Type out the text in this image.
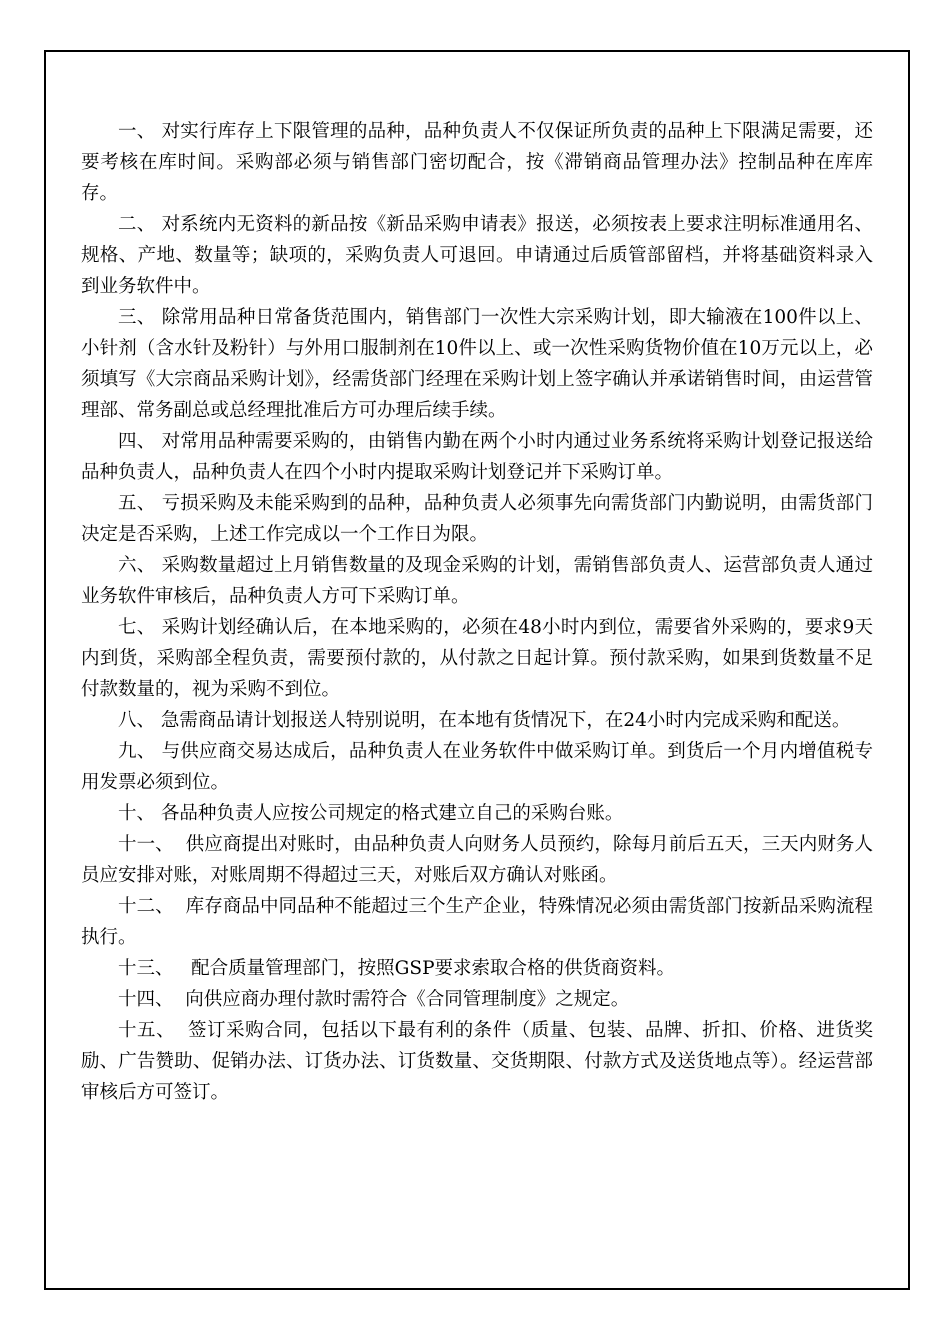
一、 对实行库存上下限管理的品种，品种负责人不仅保证所负责的品种上下限满足需要，还要考核在库时间。采购部必须与销售部门密切配合，按《滞销商品管理办法》控制品种在库库存。

二、 对系统内无资料的新品按《新品采购申请表》报送，必须按表上要求注明标准通用名、规格、产地、数量等；缺项的，采购负责人可退回。申请通过后质管部留档，并将基础资料录入到业务软件中。

三、 除常用品种日常备货范围内，销售部门一次性大宗采购计划，即大输液在100件以上、小针剂（含水针及粉针）与外用口服制剂在10件以上、或一次性采购货物价值在10万元以上，必须填写《大宗商品采购计划》，经需货部门经理在采购计划上签字确认并承诺销售时间，由运营管理部、常务副总或总经理批准后方可办理后续手续。

四、 对常用品种需要采购的，由销售内勤在两个小时内通过业务系统将采购计划登记报送给品种负责人，品种负责人在四个小时内提取采购计划登记并下采购订单。

五、 亏损采购及未能采购到的品种，品种负责人必须事先向需货部门内勤说明，由需货部门决定是否采购，上述工作完成以一个工作日为限。

六、 采购数量超过上月销售数量的及现金采购的计划，需销售部负责人、运营部负责人通过业务软件审核后，品种负责人方可下采购订单。

七、 采购计划经确认后，在本地采购的，必须在48小时内到位，需要省外采购的，要求9天内到货，采购部全程负责，需要预付款的，从付款之日起计算。预付款采购，如果到货数量不足付款数量的，视为采购不到位。

八、 急需商品请计划报送人特别说明，在本地有货情况下，在24小时内完成采购和配送。

九、 与供应商交易达成后，品种负责人在业务软件中做采购订单。到货后一个月内增值税专用发票必须到位。

十、 各品种负责人应按公司规定的格式建立自己的采购台账。

十一、  供应商提出对账时，由品种负责人向财务人员预约，除每月前后五天，三天内财务人员应安排对账，对账周期不得超过三天，对账后双方确认对账函。

十二、  库存商品中同品种不能超过三个生产企业，特殊情况必须由需货部门按新品采购流程执行。

十三、   配合质量管理部门，按照GSP要求索取合格的供货商资料。

十四、  向供应商办理付款时需符合《合同管理制度》之规定。

十五、  签订采购合同，包括以下最有利的条件（质量、包装、品牌、折扣、价格、进货奖励、广告赞助、促销办法、订货办法、订货数量、交货期限、付款方式及送货地点等）。经运营部审核后方可签订。
